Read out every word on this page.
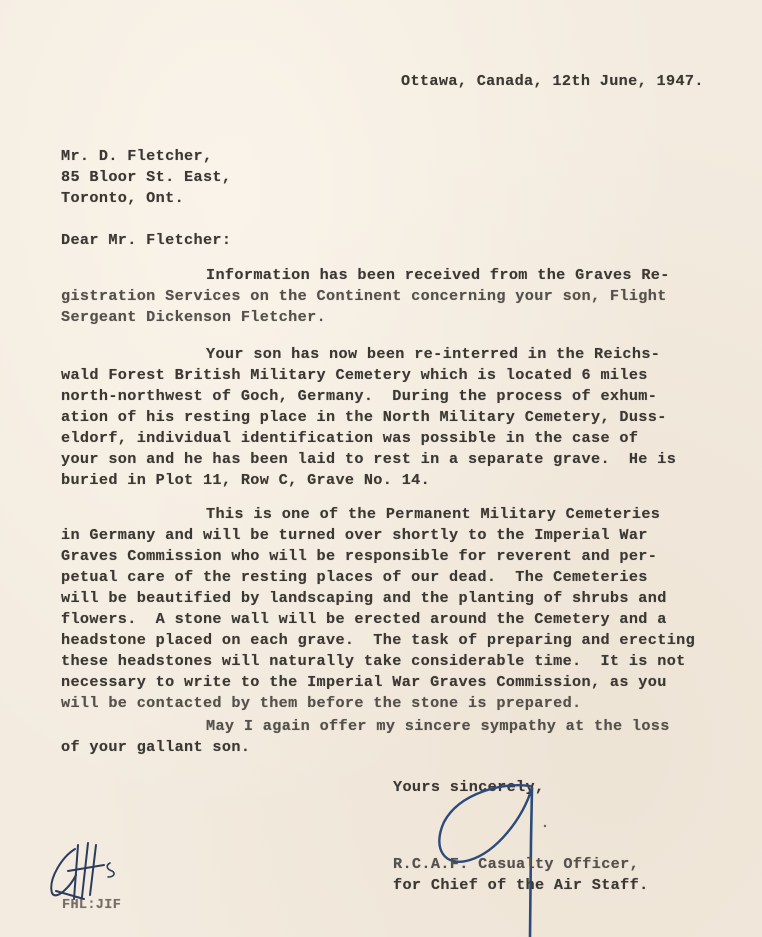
Ottawa, Canada, 12th June, 1947.
Mr. D. Fletcher,
85 Bloor St. East,
Toronto, Ont.
Dear Mr. Fletcher:
Information has been received from the Graves Re-
gistration Services on the Continent concerning your son, Flight
Sergeant Dickenson Fletcher.
Your son has now been re-interred in the Reichs-
wald Forest British Military Cemetery which is located 6 miles
north-northwest of Goch, Germany.  During the process of exhum-
ation of his resting place in the North Military Cemetery, Duss-
eldorf, individual identification was possible in the case of
your son and he has been laid to rest in a separate grave.  He is
buried in Plot 11, Row C, Grave No. 14.
This is one of the Permanent Military Cemeteries
in Germany and will be turned over shortly to the Imperial War
Graves Commission who will be responsible for reverent and per-
petual care of the resting places of our dead.  The Cemeteries
will be beautified by landscaping and the planting of shrubs and
flowers.  A stone wall will be erected around the Cemetery and a
headstone placed on each grave.  The task of preparing and erecting
these headstones will naturally take considerable time.  It is not
necessary to write to the Imperial War Graves Commission, as you
will be contacted by them before the stone is prepared.
May I again offer my sincere sympathy at the loss
of your gallant son.
Yours sincerely,
R.C.A.F. Casualty Officer,
for Chief of the Air Staff.
FHL:JIF
